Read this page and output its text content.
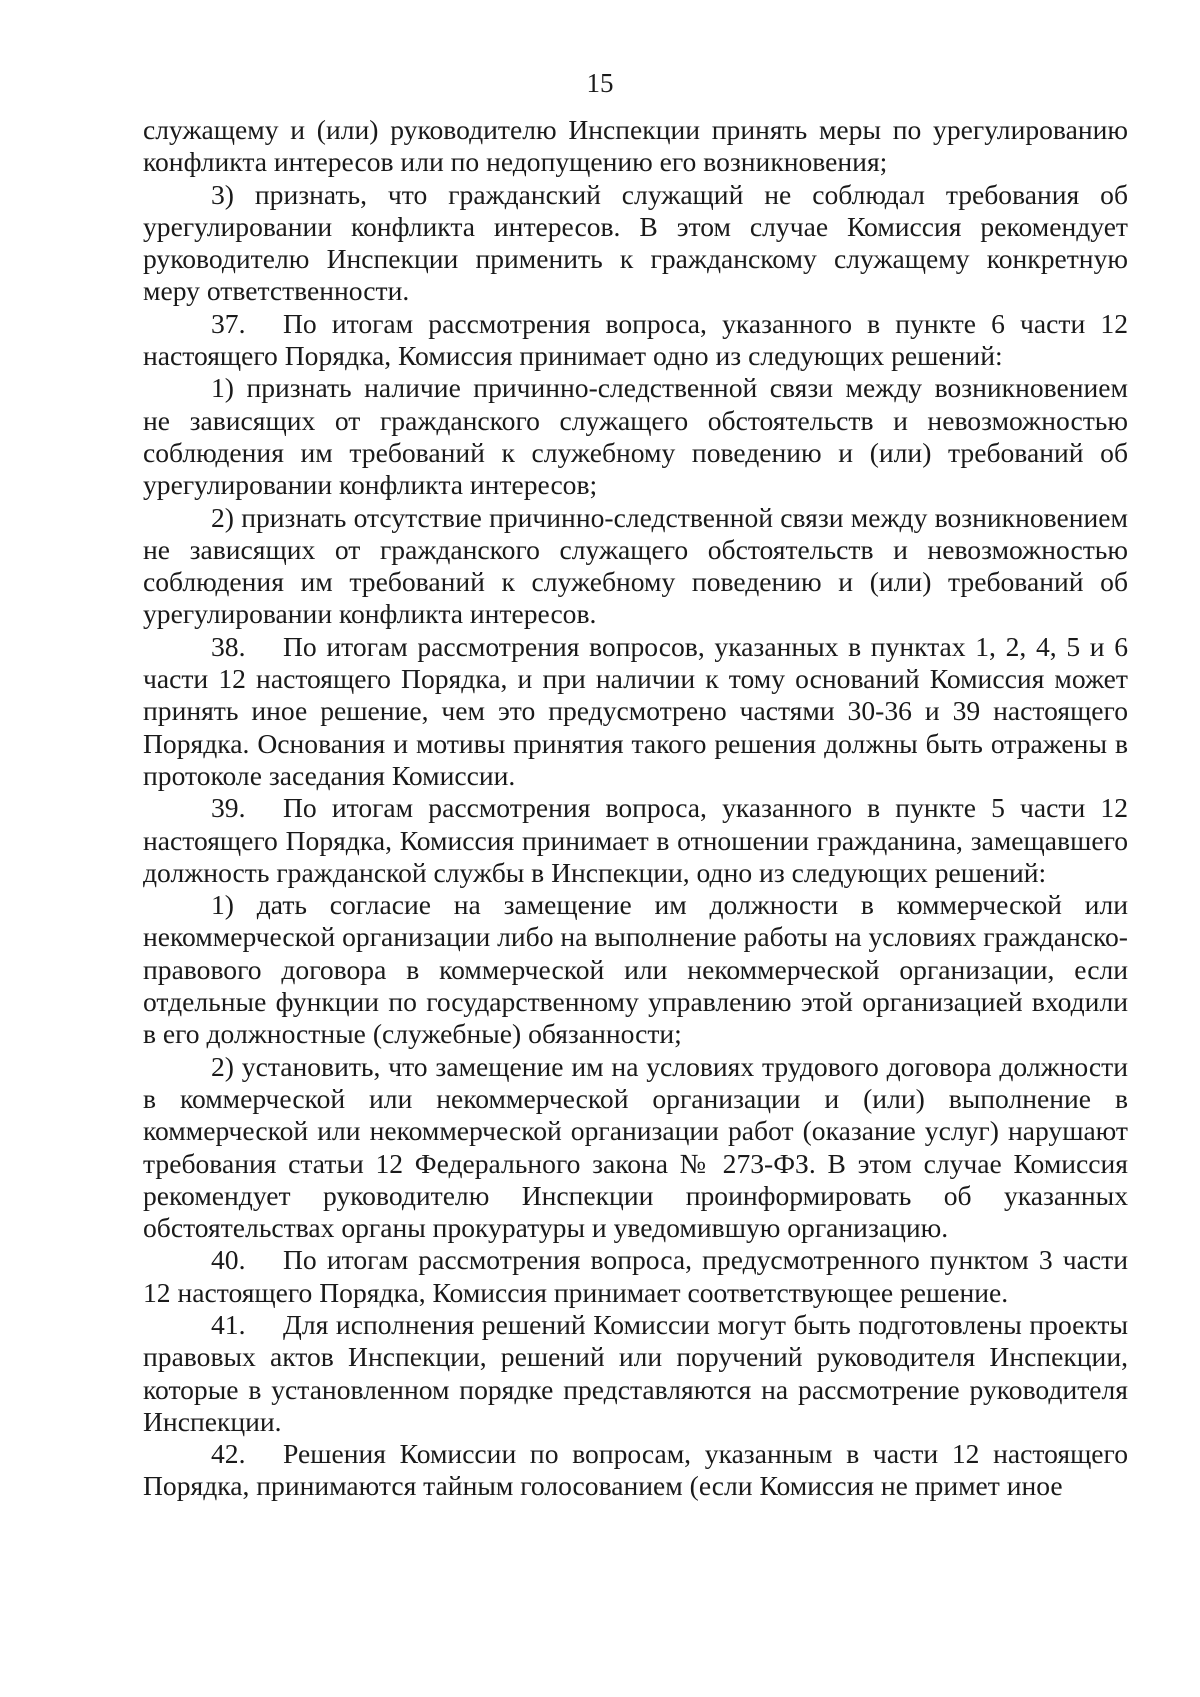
15

служащему и (или) руководителю Инспекции принять меры по урегулированию конфликта интересов или по недопущению его возникновения;

3) признать, что гражданский служащий не соблюдал требования об урегулировании конфликта интересов. В этом случае Комиссия рекомендует руководителю Инспекции применить к гражданскому служащему конкретную меру ответственности.

37. По итогам рассмотрения вопроса, указанного в пункте 6 части 12 настоящего Порядка, Комиссия принимает одно из следующих решений:

1) признать наличие причинно-следственной связи между возникновением не зависящих от гражданского служащего обстоятельств и невозможностью соблюдения им требований к служебному поведению и (или) требований об урегулировании конфликта интересов;

2) признать отсутствие причинно-следственной связи между возникновением не зависящих от гражданского служащего обстоятельств и невозможностью соблюдения им требований к служебному поведению и (или) требований об урегулировании конфликта интересов.

38. По итогам рассмотрения вопросов, указанных в пунктах 1, 2, 4, 5 и 6 части 12 настоящего Порядка, и при наличии к тому оснований Комиссия может принять иное решение, чем это предусмотрено частями 30-36 и 39 настоящего Порядка. Основания и мотивы принятия такого решения должны быть отражены в протоколе заседания Комиссии.

39. По итогам рассмотрения вопроса, указанного в пункте 5 части 12 настоящего Порядка, Комиссия принимает в отношении гражданина, замещавшего должность гражданской службы в Инспекции, одно из следующих решений:

1) дать согласие на замещение им должности в коммерческой или некоммерческой организации либо на выполнение работы на условиях гражданско-правового договора в коммерческой или некоммерческой организации, если отдельные функции по государственному управлению этой организацией входили в его должностные (служебные) обязанности;

2) установить, что замещение им на условиях трудового договора должности в коммерческой или некоммерческой организации и (или) выполнение в коммерческой или некоммерческой организации работ (оказание услуг) нарушают требования статьи 12 Федерального закона № 273-ФЗ. В этом случае Комиссия рекомендует руководителю Инспекции проинформировать об указанных обстоятельствах органы прокуратуры и уведомившую организацию.

40. По итогам рассмотрения вопроса, предусмотренного пунктом 3 части 12 настоящего Порядка, Комиссия принимает соответствующее решение.

41. Для исполнения решений Комиссии могут быть подготовлены проекты правовых актов Инспекции, решений или поручений руководителя Инспекции, которые в установленном порядке представляются на рассмотрение руководителя Инспекции.

42. Решения Комиссии по вопросам, указанным в части 12 настоящего Порядка, принимаются тайным голосованием (если Комиссия не примет иное
